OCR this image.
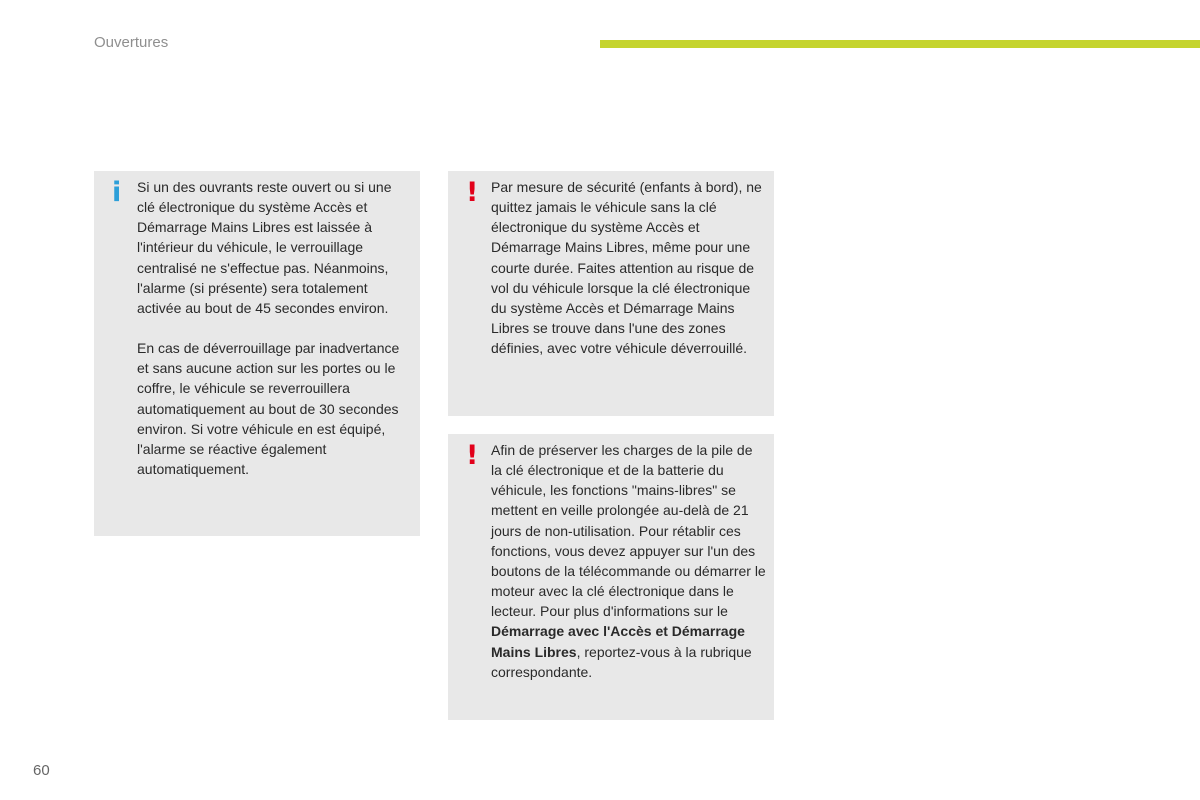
Ouvertures
i Si un des ouvrants reste ouvert ou si une clé électronique du système Accès et Démarrage Mains Libres est laissée à l'intérieur du véhicule, le verrouillage centralisé ne s'effectue pas. Néanmoins, l'alarme (si présente) sera totalement activée au bout de 45 secondes environ.

En cas de déverrouillage par inadvertance et sans aucune action sur les portes ou le coffre, le véhicule se reverrouillera automatiquement au bout de 30 secondes environ. Si votre véhicule en est équipé, l'alarme se réactive également automatiquement.

! Par mesure de sécurité (enfants à bord), ne quittez jamais le véhicule sans la clé électronique du système Accès et Démarrage Mains Libres, même pour une courte durée. Faites attention au risque de vol du véhicule lorsque la clé électronique du système Accès et Démarrage Mains Libres se trouve dans l'une des zones définies, avec votre véhicule déverrouillé.

! Afin de préserver les charges de la pile de la clé électronique et de la batterie du véhicule, les fonctions "mains-libres" se mettent en veille prolongée au-delà de 21 jours de non-utilisation. Pour rétablir ces fonctions, vous devez appuyer sur l'un des boutons de la télécommande ou démarrer le moteur avec la clé électronique dans le lecteur. Pour plus d'informations sur le Démarrage avec l'Accès et Démarrage Mains Libres, reportez-vous à la rubrique correspondante.

60
